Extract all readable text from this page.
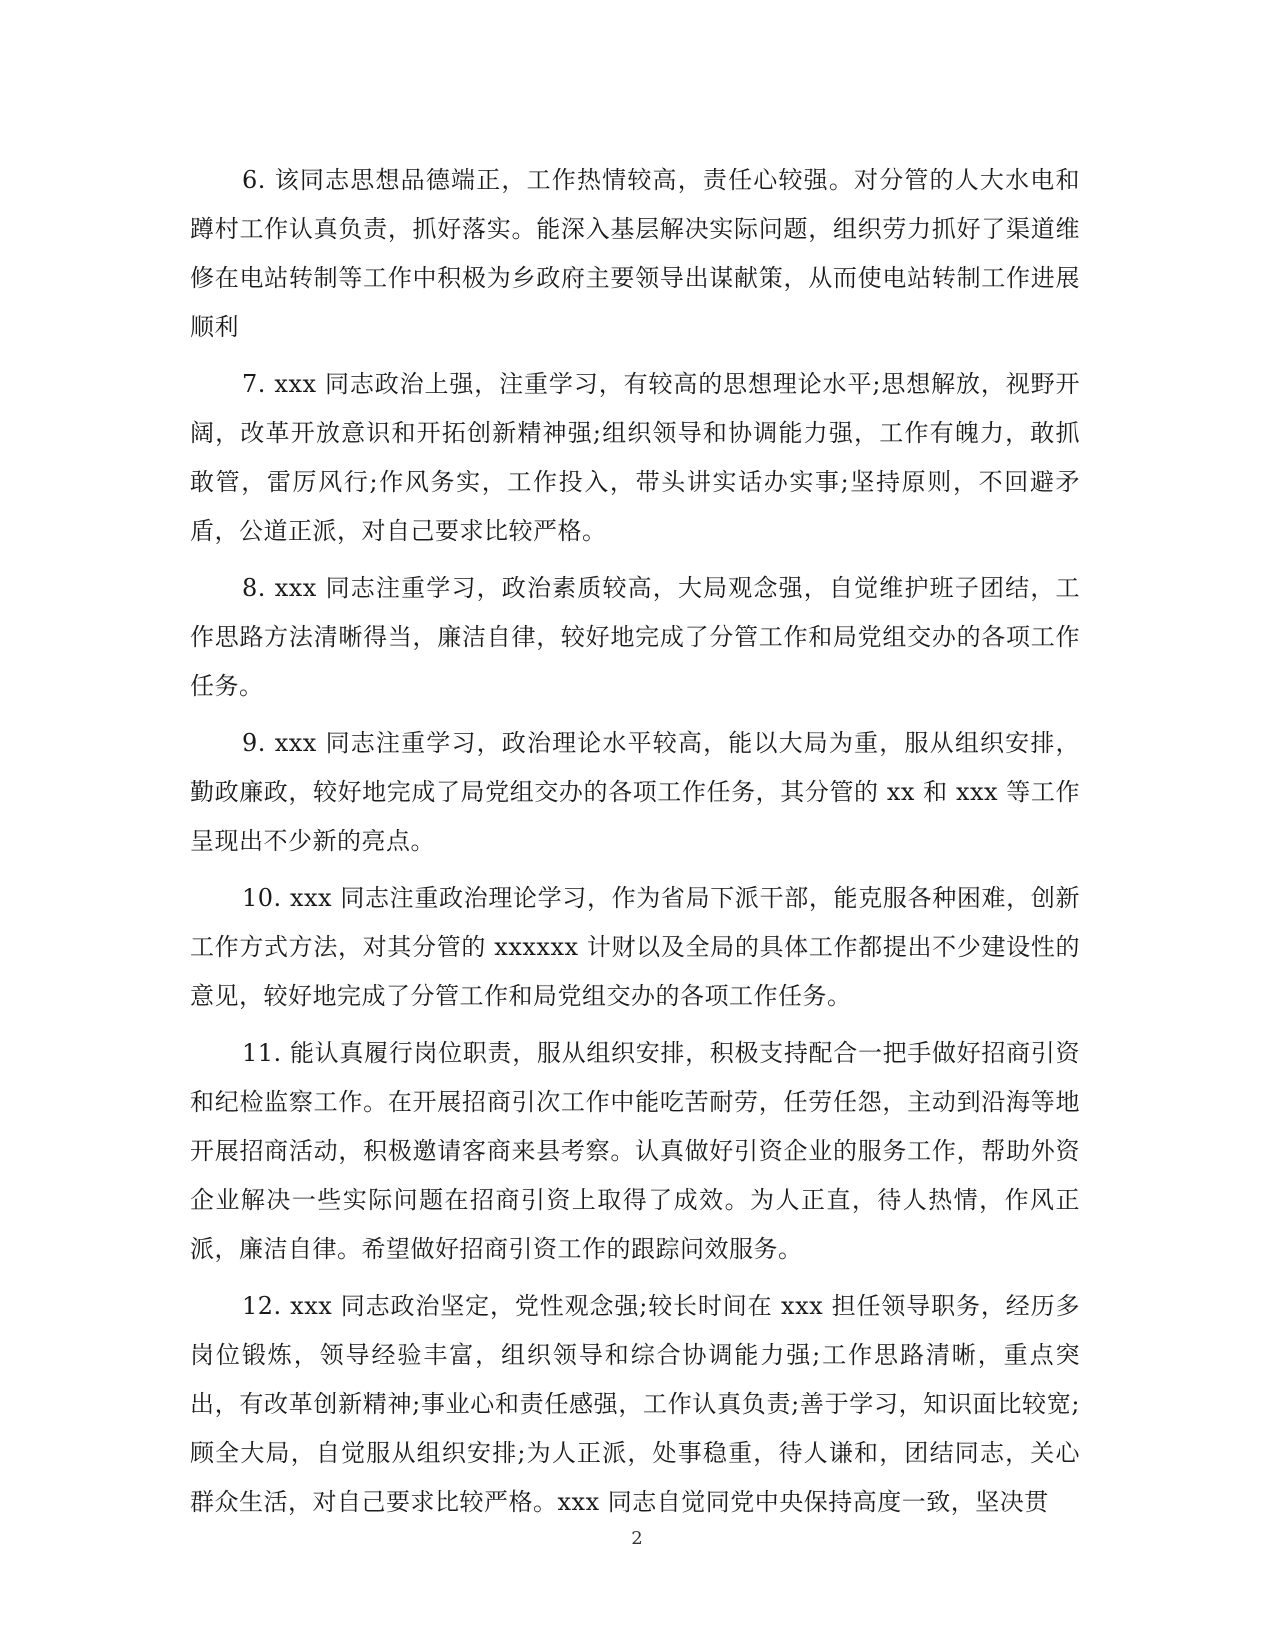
6. 该同志思想品德端正，工作热情较高，责任心较强。对分管的人大水电和蹲村工作认真负责，抓好落实。能深入基层解决实际问题，组织劳力抓好了渠道维修在电站转制等工作中积极为乡政府主要领导出谋献策，从而使电站转制工作进展顺利

7. xxx 同志政治上强，注重学习，有较高的思想理论水平;思想解放，视野开阔，改革开放意识和开拓创新精神强;组织领导和协调能力强，工作有魄力，敢抓敢管，雷厉风行;作风务实，工作投入，带头讲实话办实事;坚持原则，不回避矛盾，公道正派，对自己要求比较严格。

8. xxx 同志注重学习，政治素质较高，大局观念强，自觉维护班子团结，工作思路方法清晰得当，廉洁自律，较好地完成了分管工作和局党组交办的各项工作任务。

9. xxx 同志注重学习，政治理论水平较高，能以大局为重，服从组织安排，勤政廉政，较好地完成了局党组交办的各项工作任务，其分管的 xx 和 xxx 等工作呈现出不少新的亮点。

10. xxx 同志注重政治理论学习，作为省局下派干部，能克服各种困难，创新工作方式方法，对其分管的 xxxxxx 计财以及全局的具体工作都提出不少建设性的意见，较好地完成了分管工作和局党组交办的各项工作任务。

11. 能认真履行岗位职责，服从组织安排，积极支持配合一把手做好招商引资和纪检监察工作。在开展招商引次工作中能吃苦耐劳，任劳任怨，主动到沿海等地开展招商活动，积极邀请客商来县考察。认真做好引资企业的服务工作，帮助外资企业解决一些实际问题在招商引资上取得了成效。为人正直，待人热情，作风正派，廉洁自律。希望做好招商引资工作的跟踪问效服务。

12. xxx 同志政治坚定，党性观念强;较长时间在 xxx 担任领导职务，经历多岗位锻炼，领导经验丰富，组织领导和综合协调能力强;工作思路清晰，重点突出，有改革创新精神;事业心和责任感强，工作认真负责;善于学习，知识面比较宽;顾全大局，自觉服从组织安排;为人正派，处事稳重，待人谦和，团结同志，关心群众生活，对自己要求比较严格。xxx 同志自觉同党中央保持高度一致，坚决贯

2
